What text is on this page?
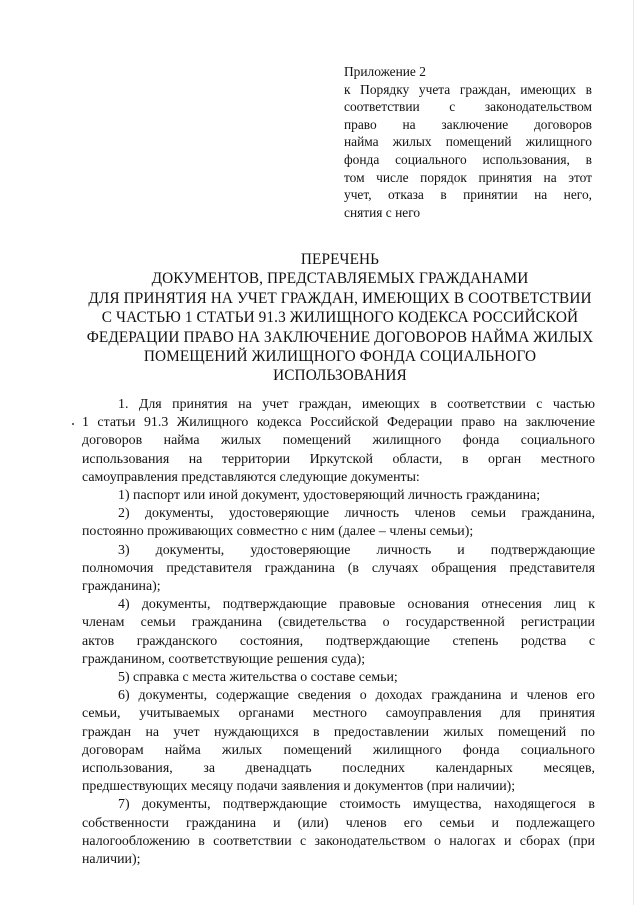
Приложение 2
к Порядку учета граждан, имеющих в
соответствии с законодательством
право на заключение договоров
найма жилых помещений жилищного
фонда социального использования, в
том числе порядок принятия на этот
учет, отказа в принятии на него,
снятия с него
ПЕРЕЧЕНЬ
ДОКУМЕНТОВ, ПРЕДСТАВЛЯЕМЫХ ГРАЖДАНАМИ
ДЛЯ ПРИНЯТИЯ НА УЧЕТ ГРАЖДАН, ИМЕЮЩИХ В СООТВЕТСТВИИ
С ЧАСТЬЮ 1 СТАТЬИ 91.3 ЖИЛИЩНОГО КОДЕКСА РОССИЙСКОЙ
ФЕДЕРАЦИИ ПРАВО НА ЗАКЛЮЧЕНИЕ ДОГОВОРОВ НАЙМА ЖИЛЫХ
ПОМЕЩЕНИЙ ЖИЛИЩНОГО ФОНДА СОЦИАЛЬНОГО
ИСПОЛЬЗОВАНИЯ
1. Для принятия на учет граждан, имеющих в соответствии с частью
1 статьи 91.3 Жилищного кодекса Российской Федерации право на заключение
договоров найма жилых помещений жилищного фонда социального
использования на территории Иркутской области, в орган местного
самоуправления представляются следующие документы:
1) паспорт или иной документ, удостоверяющий личность гражданина;
2) документы, удостоверяющие личность членов семьи гражданина,
постоянно проживающих совместно с ним (далее – члены семьи);
3) документы, удостоверяющие личность и подтверждающие
полномочия представителя гражданина (в случаях обращения представителя
гражданина);
4) документы, подтверждающие правовые основания отнесения лиц к
членам семьи гражданина (свидетельства о государственной регистрации
актов гражданского состояния, подтверждающие степень родства с
гражданином, соответствующие решения суда);
5) справка с места жительства о составе семьи;
6) документы, содержащие сведения о доходах гражданина и членов его
семьи, учитываемых органами местного самоуправления для принятия
граждан на учет нуждающихся в предоставлении жилых помещений по
договорам найма жилых помещений жилищного фонда социального
использования, за двенадцать последних календарных месяцев,
предшествующих месяцу подачи заявления и документов (при наличии);
7) документы, подтверждающие стоимость имущества, находящегося в
собственности гражданина и (или) членов его семьи и подлежащего
налогообложению в соответствии с законодательством о налогах и сборах (при
наличии);
